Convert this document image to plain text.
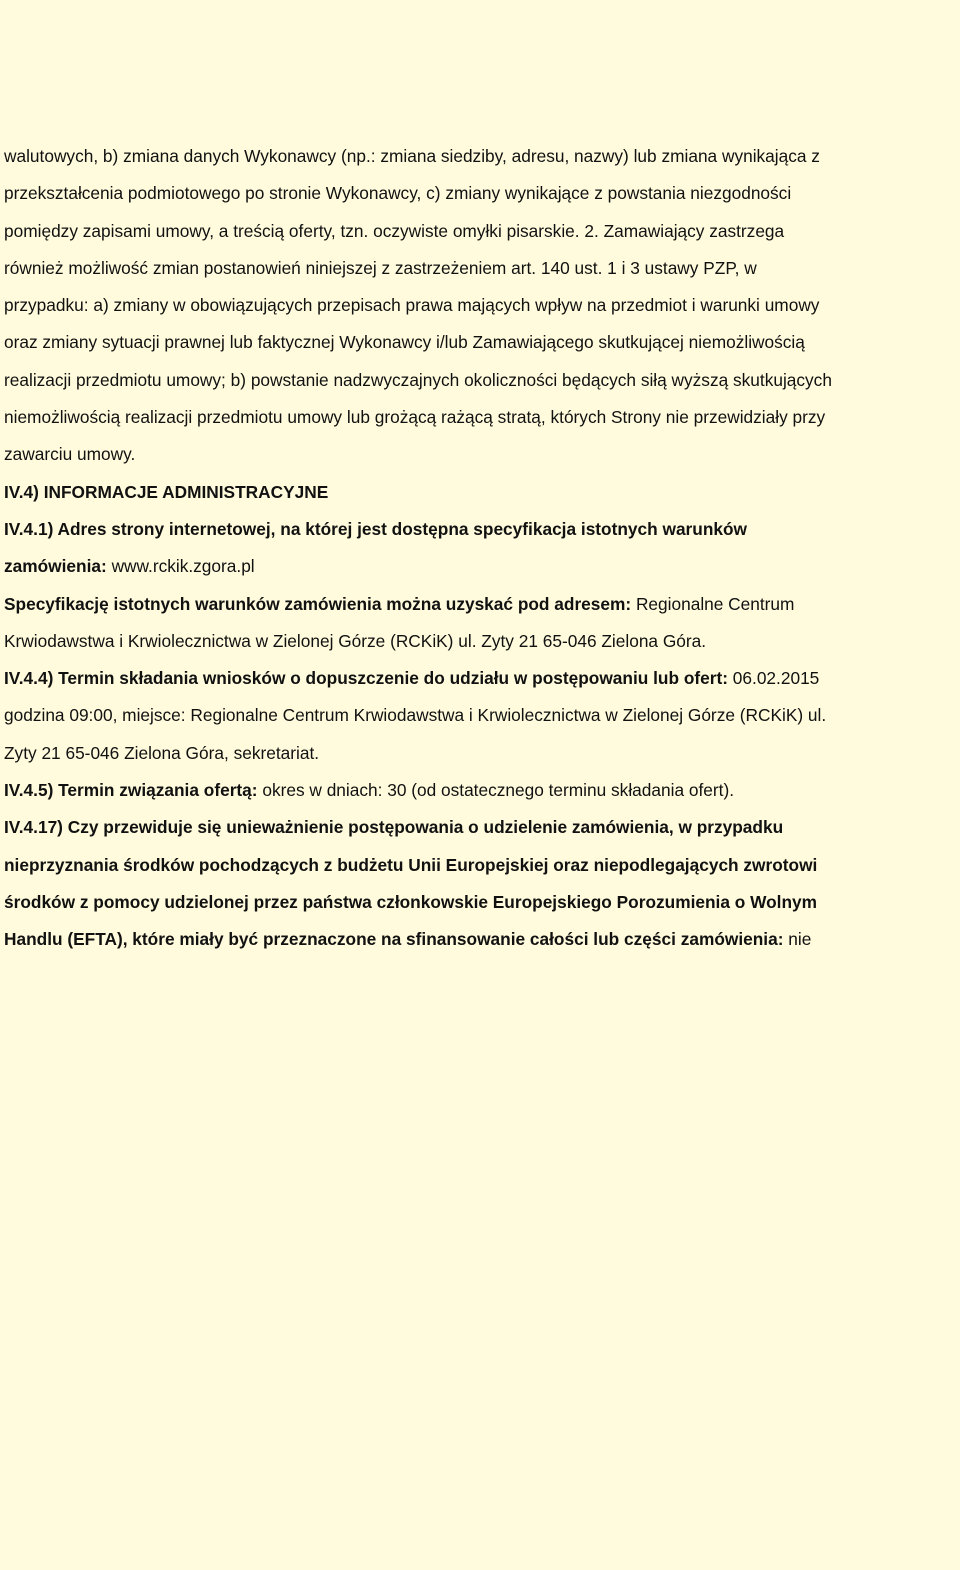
walutowych, b) zmiana danych Wykonawcy (np.: zmiana siedziby, adresu, nazwy) lub zmiana wynikająca z przekształcenia podmiotowego po stronie Wykonawcy, c) zmiany wynikające z powstania niezgodności pomiędzy zapisami umowy, a treścią oferty, tzn. oczywiste omyłki pisarskie. 2. Zamawiający zastrzega również możliwość zmian postanowień niniejszej z zastrzeżeniem art. 140 ust. 1 i 3 ustawy PZP, w przypadku: a) zmiany w obowiązujących przepisach prawa mających wpływ na przedmiot i warunki umowy oraz zmiany sytuacji prawnej lub faktycznej Wykonawcy i/lub Zamawiającego skutkującej niemożliwością realizacji przedmiotu umowy; b) powstanie nadzwyczajnych okoliczności będących siłą wyższą skutkujących niemożliwością realizacji przedmiotu umowy lub grożącą rażącą stratą, których Strony nie przewidziały przy zawarciu umowy.

IV.4) INFORMACJE ADMINISTRACYJNE

IV.4.1) Adres strony internetowej, na której jest dostępna specyfikacja istotnych warunków zamówienia: www.rckik.zgora.pl

Specyfikację istotnych warunków zamówienia można uzyskać pod adresem: Regionalne Centrum Krwiodawstwa i Krwiolecznictwa w Zielonej Górze (RCKiK) ul. Zyty 21 65-046 Zielona Góra.

IV.4.4) Termin składania wniosków o dopuszczenie do udziału w postępowaniu lub ofert: 06.02.2015 godzina 09:00, miejsce: Regionalne Centrum Krwiodawstwa i Krwiolecznictwa w Zielonej Górze (RCKiK) ul. Zyty 21 65-046 Zielona Góra, sekretariat.

IV.4.5) Termin związania ofertą: okres w dniach: 30 (od ostatecznego terminu składania ofert).

IV.4.17) Czy przewiduje się unieważnienie postępowania o udzielenie zamówienia, w przypadku nieprzyznania środków pochodzących z budżetu Unii Europejskiej oraz niepodlegających zwrotowi środków z pomocy udzielonej przez państwa członkowskie Europejskiego Porozumienia o Wolnym Handlu (EFTA), które miały być przeznaczone na sfinansowanie całości lub części zamówienia: nie
